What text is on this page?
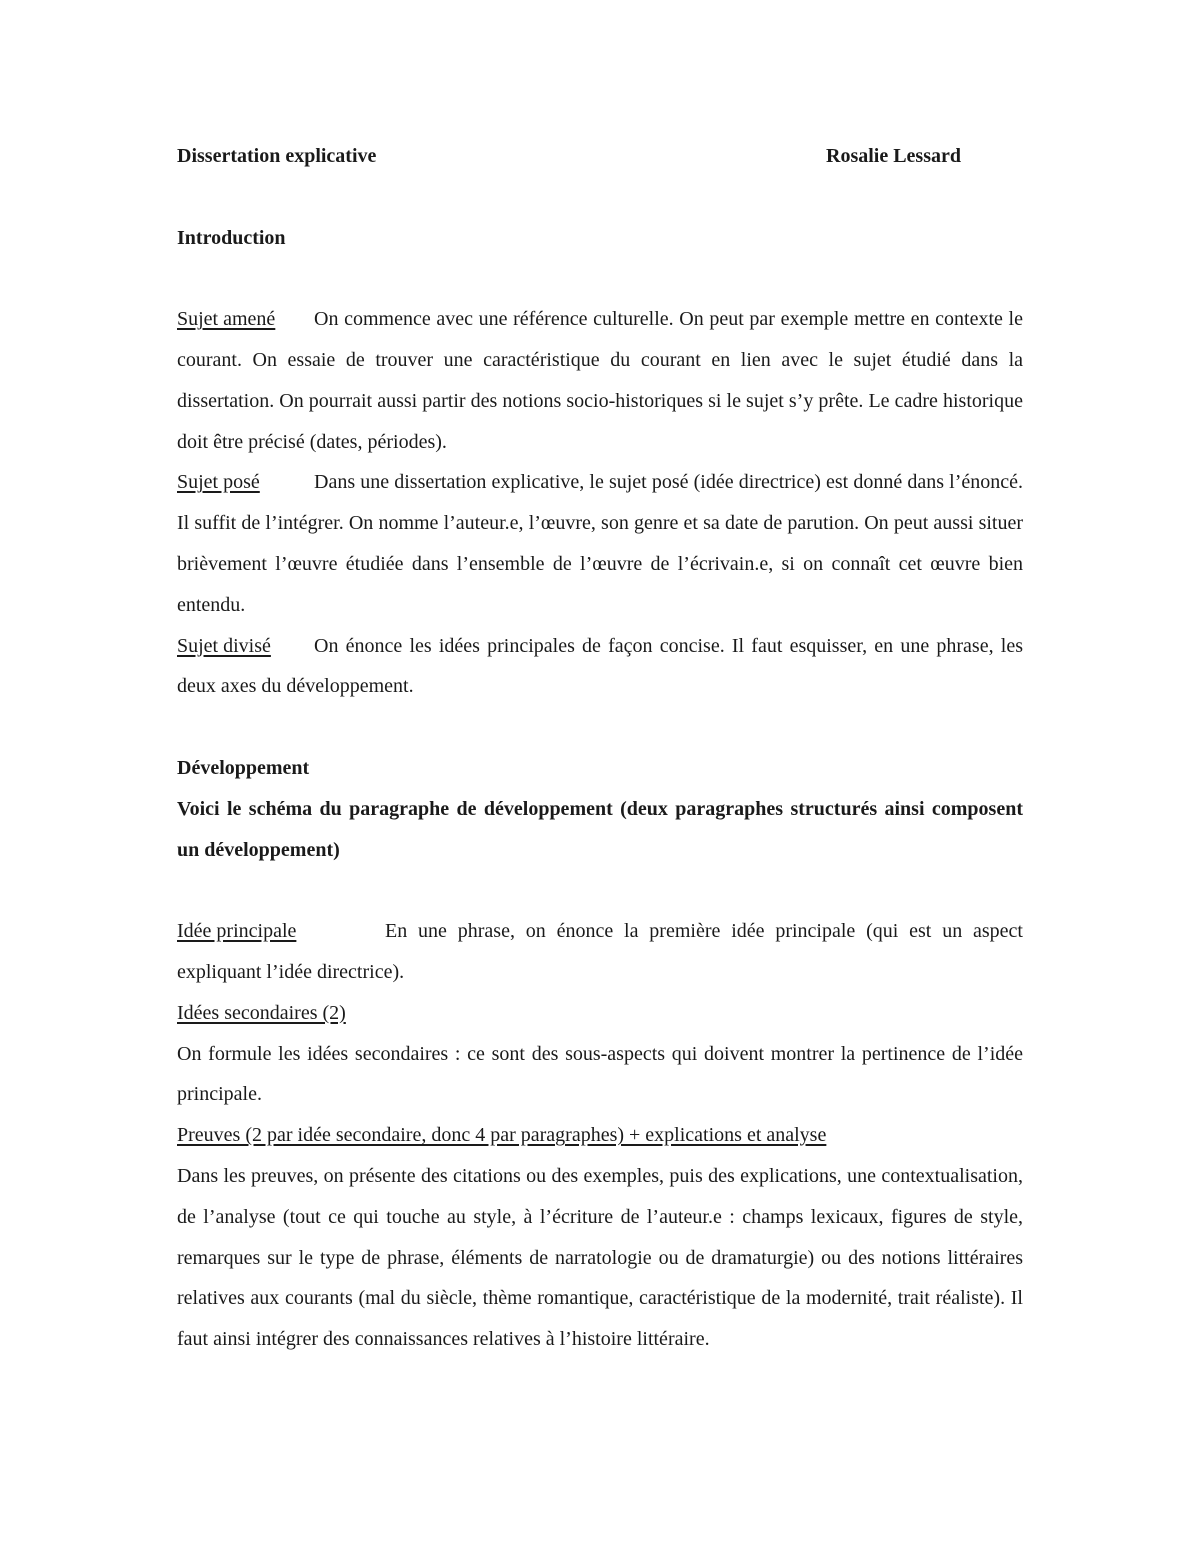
Dissertation explicative	Rosalie Lessard
Introduction

Sujet amené On commence avec une référence culturelle. On peut par exemple mettre en contexte le courant. On essaie de trouver une caractéristique du courant en lien avec le sujet étudié dans la dissertation. On pourrait aussi partir des notions socio-historiques si le sujet s’y prête. Le cadre historique doit être précisé (dates, périodes).

Sujet posé	Dans une dissertation explicative, le sujet posé (idée directrice) est donné dans l’énoncé. Il suffit de l’intégrer. On nomme l’auteur.e, l’œuvre, son genre et sa date de parution. On peut aussi situer brièvement l’œuvre étudiée dans l’ensemble de l’œuvre de l’écrivain.e, si on connaît cet œuvre bien entendu.

Sujet divisé On énonce les idées principales de façon concise. Il faut esquisser, en une phrase, les deux axes du développement.

Développement

Voici le schéma du paragraphe de développement (deux paragraphes structurés ainsi composent un développement)

Idée principale	En une phrase, on énonce la première idée principale (qui est un aspect expliquant l’idée directrice).

Idées secondaires (2)

On formule les idées secondaires : ce sont des sous-aspects qui doivent montrer la pertinence de l’idée principale.

Preuves (2 par idée secondaire, donc 4 par paragraphes) + explications et analyse

Dans les preuves, on présente des citations ou des exemples, puis des explications, une contextualisation, de l’analyse (tout ce qui touche au style, à l’écriture de l’auteur.e : champs lexicaux, figures de style, remarques sur le type de phrase, éléments de narratologie ou de dramaturgie) ou des notions littéraires relatives aux courants (mal du siècle, thème romantique, caractéristique de la modernité, trait réaliste). Il faut ainsi intégrer des connaissances relatives à l’histoire littéraire.
